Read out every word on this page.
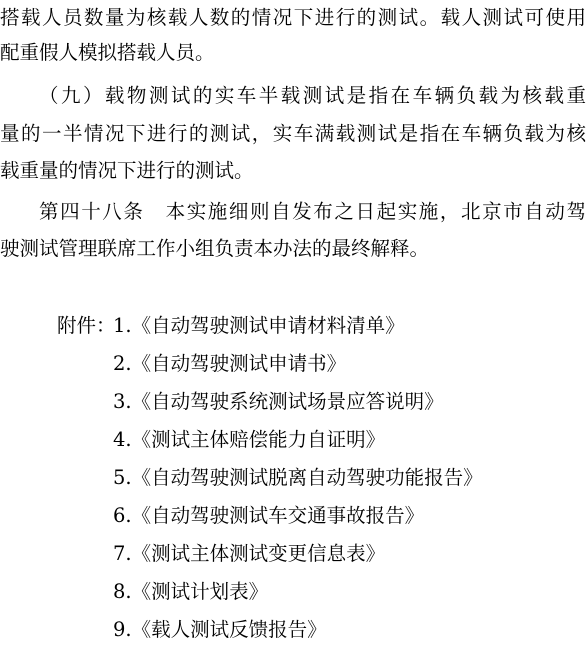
搭载人员数量为核载人数的情况下进行的测试。载人测试可使用
配重假人模拟搭载人员。
（九）载物测试的实车半载测试是指在车辆负载为核载重
量的一半情况下进行的测试，实车满载测试是指在车辆负载为核
载重量的情况下进行的测试。
第四十八条　本实施细则自发布之日起实施，北京市自动驾
驶测试管理联席工作小组负责本办法的最终解释。
附件：
1.《自动驾驶测试申请材料清单》
2.《自动驾驶测试申请书》
3.《自动驾驶系统测试场景应答说明》
4.《测试主体赔偿能力自证明》
5.《自动驾驶测试脱离自动驾驶功能报告》
6.《自动驾驶测试车交通事故报告》
7.《测试主体测试变更信息表》
8.《测试计划表》
9.《载人测试反馈报告》
